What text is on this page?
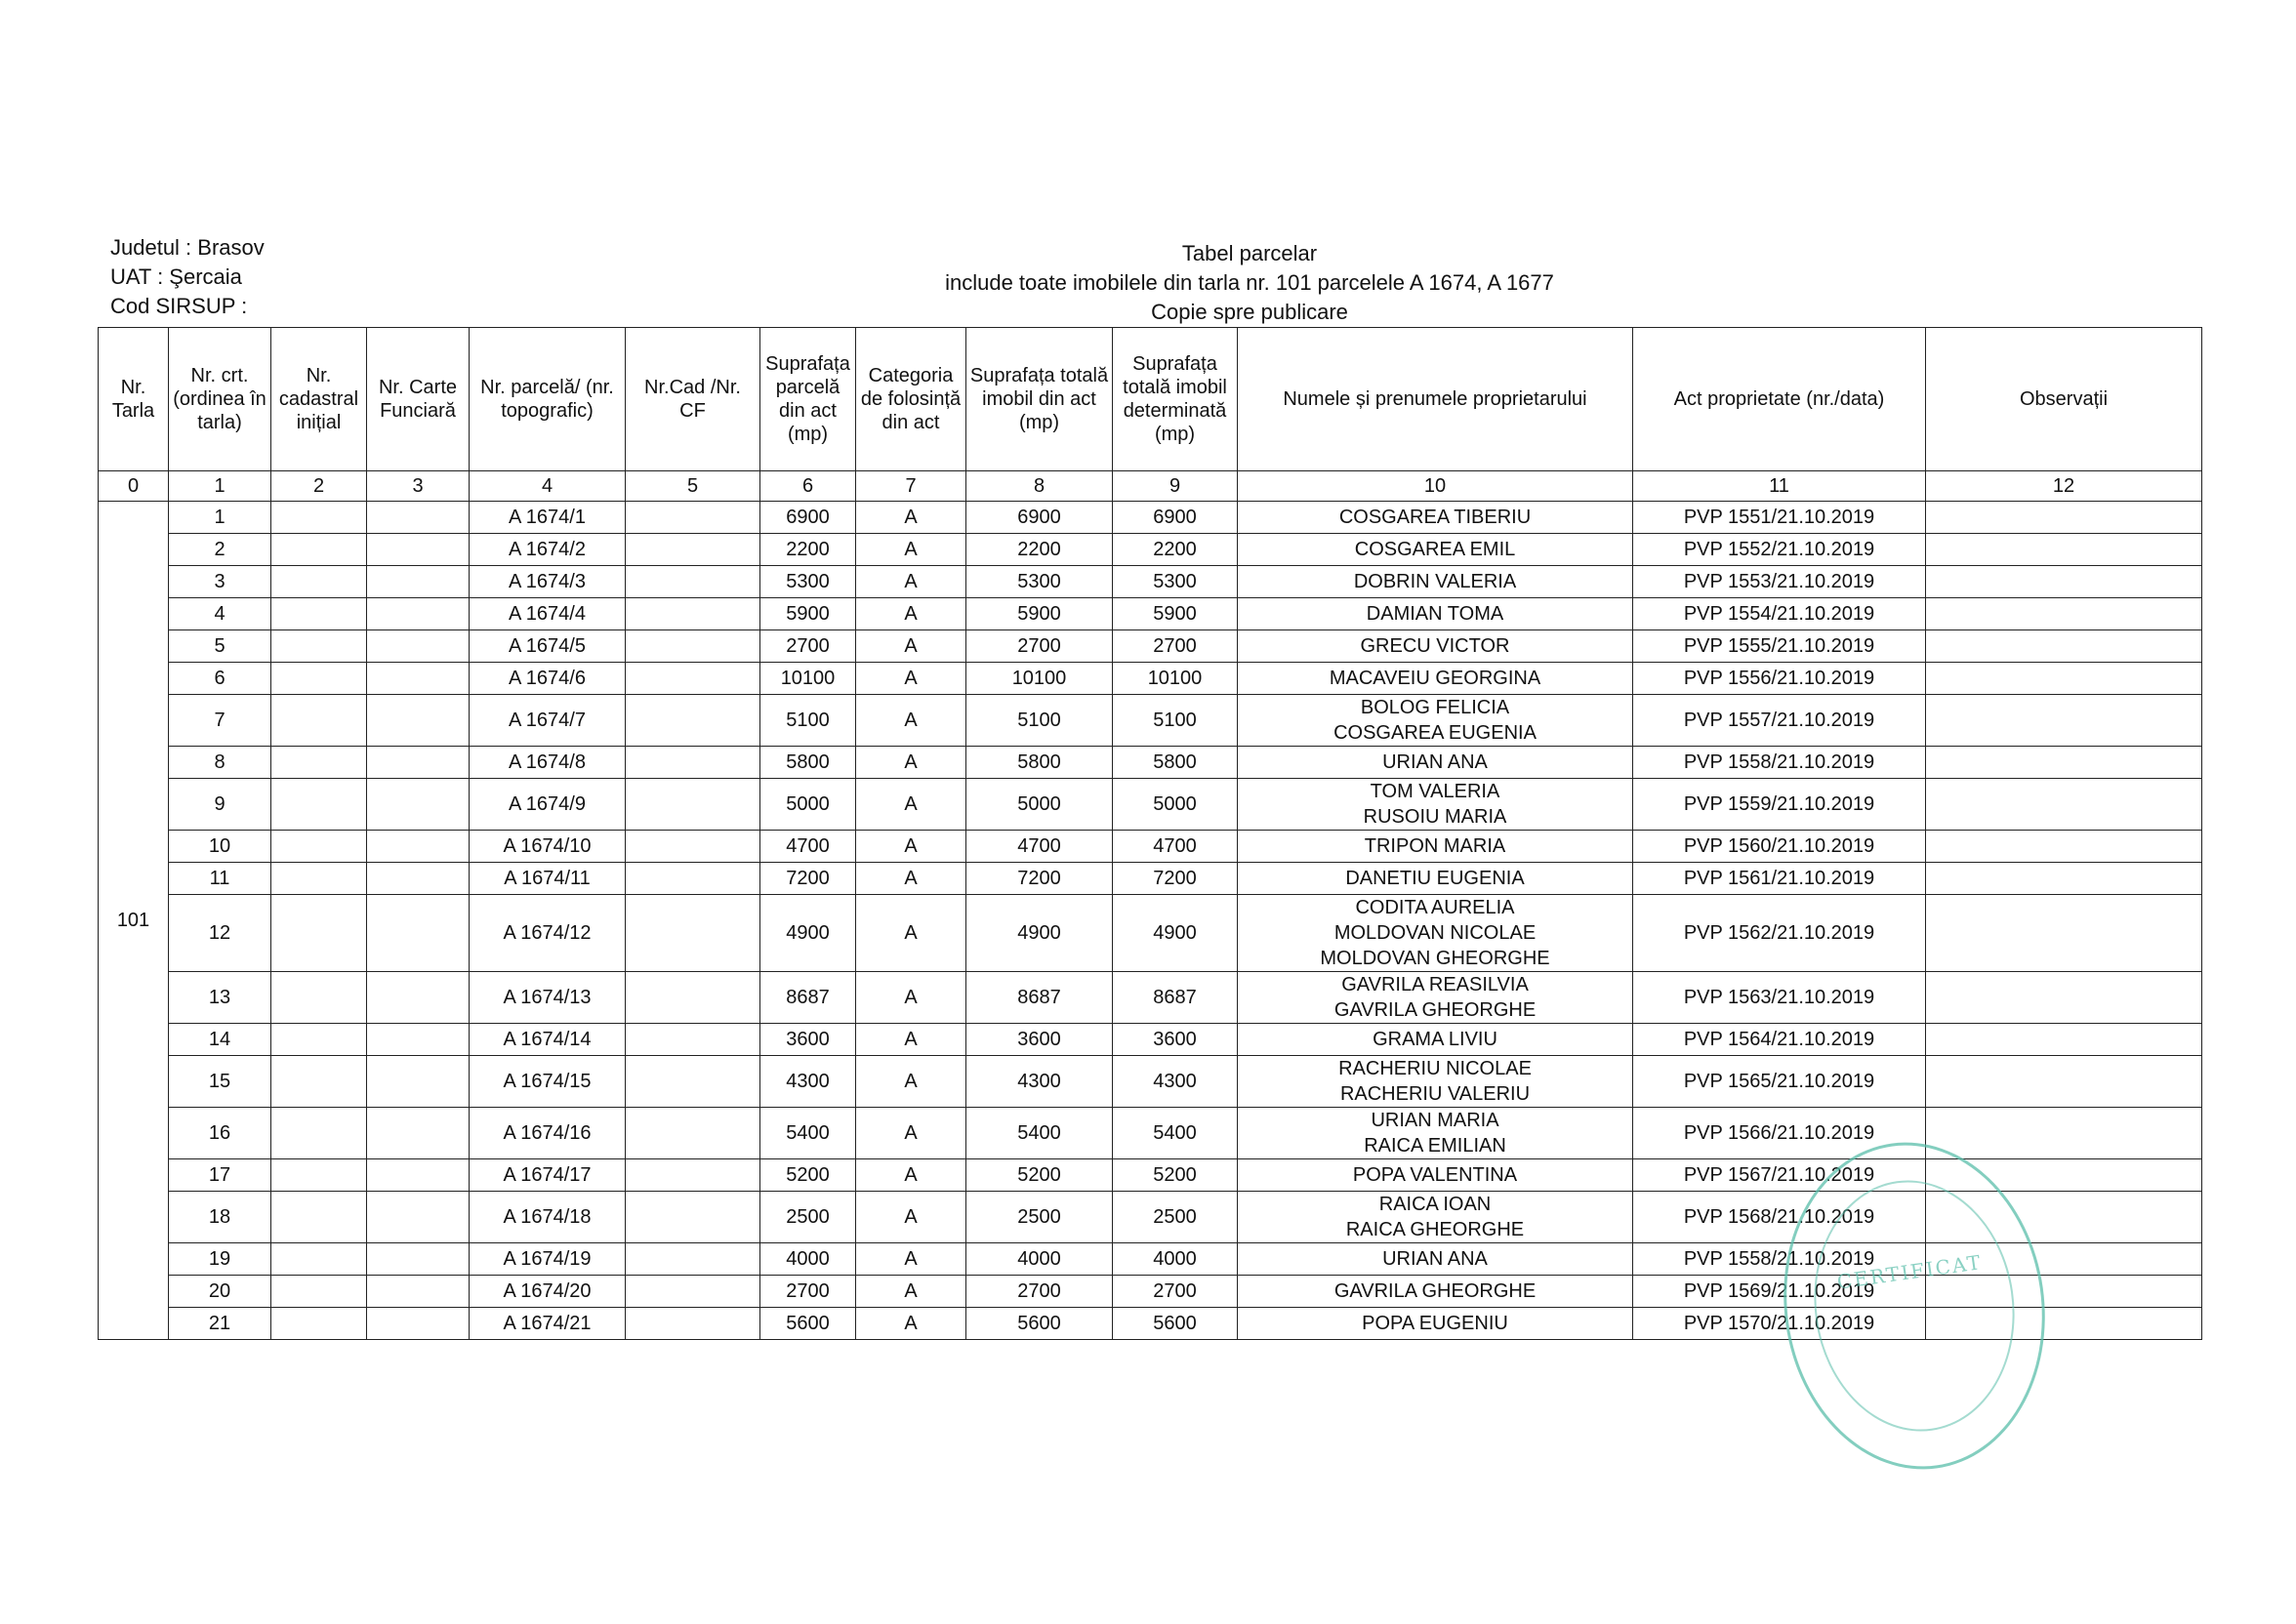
Judetul : Brasov
UAT : Şercaia
Cod SIRSUP :
Tabel parcelar
include toate imobilele din tarla nr. 101 parcelele A 1674, A 1677
Copie spre publicare
Nr. Tarla	Nr. crt. (ordinea în tarla)	Nr. cadastral inițial	Nr. Carte Funciară	Nr. parcelă/ (nr. topografic)	Nr.Cad /Nr. CF	Suprafața parcelă din act (mp)	Categoria de folosință din act	Suprafața totală imobil din act (mp)	Suprafața totală imobil determinată (mp)	Numele și prenumele proprietarului	Act proprietate (nr./data)	Observații
0	1	2	3	4	5	6	7	8	9	10	11	12
101	1			A 1674/1		6900	A	6900	6900	COSGAREA TIBERIU	PVP 1551/21.10.2019	
	2			A 1674/2		2200	A	2200	2200	COSGAREA EMIL	PVP 1552/21.10.2019	
	3			A 1674/3		5300	A	5300	5300	DOBRIN VALERIA	PVP 1553/21.10.2019	
	4			A 1674/4		5900	A	5900	5900	DAMIAN TOMA	PVP 1554/21.10.2019	
	5			A 1674/5		2700	A	2700	2700	GRECU VICTOR	PVP 1555/21.10.2019	
	6			A 1674/6		10100	A	10100	10100	MACAVEIU GEORGINA	PVP 1556/21.10.2019	
	7			A 1674/7		5100	A	5100	5100	BOLOG FELICIA
COSGAREA EUGENIA	PVP 1557/21.10.2019	
	8			A 1674/8		5800	A	5800	5800	URIAN ANA	PVP 1558/21.10.2019	
	9			A 1674/9		5000	A	5000	5000	TOM VALERIA
RUSOIU MARIA	PVP 1559/21.10.2019	
	10			A 1674/10		4700	A	4700	4700	TRIPON MARIA	PVP 1560/21.10.2019	
	11			A 1674/11		7200	A	7200	7200	DANETIU EUGENIA	PVP 1561/21.10.2019	
	12			A 1674/12		4900	A	4900	4900	CODITA AURELIA
MOLDOVAN NICOLAE
MOLDOVAN GHEORGHE	PVP 1562/21.10.2019	
	13			A 1674/13		8687	A	8687	8687	GAVRILA REASILVIA
GAVRILA GHEORGHE	PVP 1563/21.10.2019	
	14			A 1674/14		3600	A	3600	3600	GRAMA LIVIU	PVP 1564/21.10.2019	
	15			A 1674/15		4300	A	4300	4300	RACHERIU NICOLAE
RACHERIU VALERIU	PVP 1565/21.10.2019	
	16			A 1674/16		5400	A	5400	5400	URIAN MARIA
RAICA EMILIAN	PVP 1566/21.10.2019	
	17			A 1674/17		5200	A	5200	5200	POPA VALENTINA	PVP 1567/21.10.2019	
	18			A 1674/18		2500	A	2500	2500	RAICA IOAN
RAICA GHEORGHE	PVP 1568/21.10.2019	
	19			A 1674/19		4000	A	4000	4000	URIAN ANA	PVP 1558/21.10.2019	
	20			A 1674/20		2700	A	2700	2700	GAVRILA GHEORGHE	PVP 1569/21.10.2019	
	21			A 1674/21		5600	A	5600	5600	POPA EUGENIU	PVP 1570/21.10.2019	
CERTIFICAT
